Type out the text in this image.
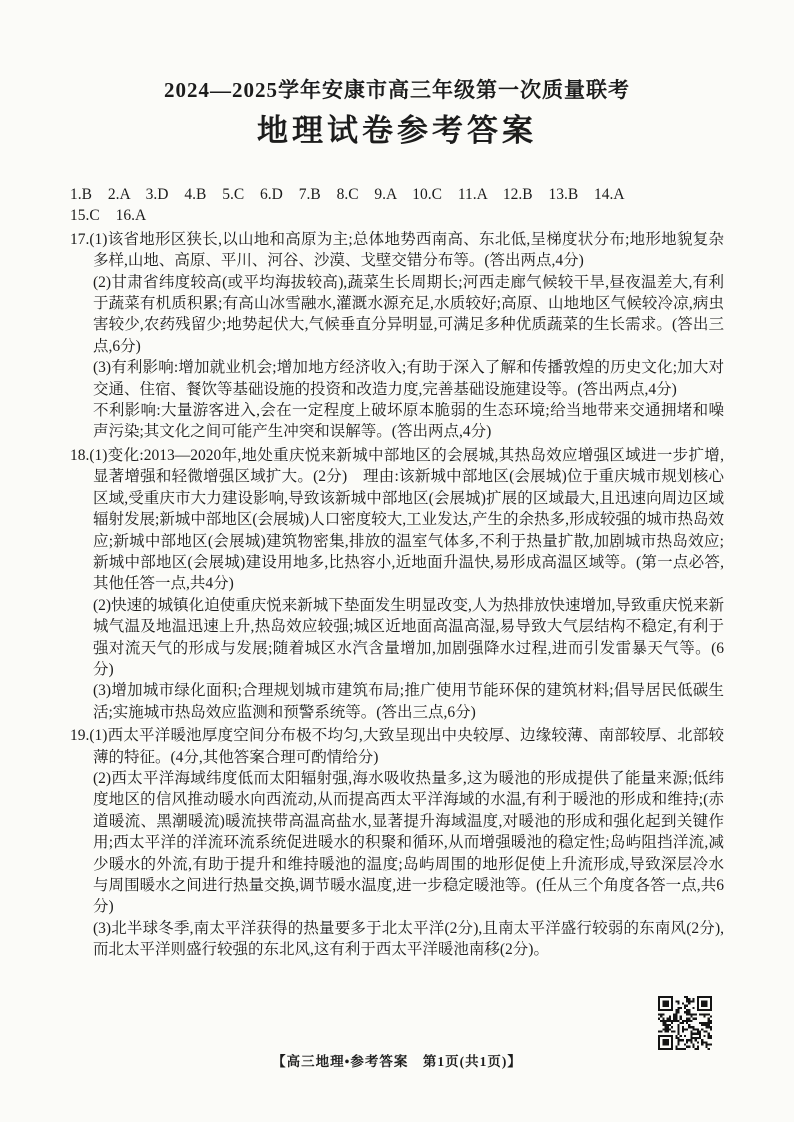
2024—2025学年安康市高三年级第一次质量联考
地理试卷参考答案
1.B 2.A 3.D 4.B 5.C 6.D 7.B 8.C 9.A 10.C 11.A 12.B 13.B 14.A
15.C 16.A

17.(1)该省地形区狭长,以山地和高原为主;总体地势西南高、东北低,呈梯度状分布;地形地貌复杂多样,山地、高原、平川、河谷、沙漠、戈壁交错分布等。(答出两点,4分)

(2)甘肃省纬度较高(或平均海拔较高),蔬菜生长周期长;河西走廊气候较干旱,昼夜温差大,有利于蔬菜有机质积累;有高山冰雪融水,灌溉水源充足,水质较好;高原、山地地区气候较冷凉,病虫害较少,农药残留少;地势起伏大,气候垂直分异明显,可满足多种优质蔬菜的生长需求。(答出三点,6分)

(3)有利影响:增加就业机会;增加地方经济收入;有助于深入了解和传播敦煌的历史文化;加大对交通、住宿、餐饮等基础设施的投资和改造力度,完善基础设施建设等。(答出两点,4分)

不利影响:大量游客进入,会在一定程度上破坏原本脆弱的生态环境;给当地带来交通拥堵和噪声污染;其文化之间可能产生冲突和误解等。(答出两点,4分)

18.(1)变化:2013—2020年,地处重庆悦来新城中部地区的会展城,其热岛效应增强区域进一步扩增,显著增强和轻微增强区域扩大。(2分)　理由:该新城中部地区(会展城)位于重庆城市规划核心区域,受重庆市大力建设影响,导致该新城中部地区(会展城)扩展的区域最大,且迅速向周边区域辐射发展;新城中部地区(会展城)人口密度较大,工业发达,产生的余热多,形成较强的城市热岛效应;新城中部地区(会展城)建筑物密集,排放的温室气体多,不利于热量扩散,加剧城市热岛效应;新城中部地区(会展城)建设用地多,比热容小,近地面升温快,易形成高温区域等。(第一点必答,其他任答一点,共4分)

(2)快速的城镇化迫使重庆悦来新城下垫面发生明显改变,人为热排放快速增加,导致重庆悦来新城气温及地温迅速上升,热岛效应较强;城区近地面高温高湿,易导致大气层结构不稳定,有利于强对流天气的形成与发展;随着城区水汽含量增加,加剧强降水过程,进而引发雷暴天气等。(6分)

(3)增加城市绿化面积;合理规划城市建筑布局;推广使用节能环保的建筑材料;倡导居民低碳生活;实施城市热岛效应监测和预警系统等。(答出三点,6分)

19.(1)西太平洋暖池厚度空间分布极不均匀,大致呈现出中央较厚、边缘较薄、南部较厚、北部较薄的特征。(4分,其他答案合理可酌情给分)

(2)西太平洋海域纬度低而太阳辐射强,海水吸收热量多,这为暖池的形成提供了能量来源;低纬度地区的信风推动暖水向西流动,从而提高西太平洋海域的水温,有利于暖池的形成和维持;(赤道暖流、黑潮暖流)暖流挟带高温高盐水,显著提升海域温度,对暖池的形成和强化起到关键作用;西太平洋的洋流环流系统促进暖水的积聚和循环,从而增强暖池的稳定性;岛屿阻挡洋流,减少暖水的外流,有助于提升和维持暖池的温度;岛屿周围的地形促使上升流形成,导致深层冷水与周围暖水之间进行热量交换,调节暖水温度,进一步稳定暖池等。(任从三个角度各答一点,共6分)

(3)北半球冬季,南太平洋获得的热量要多于北太平洋(2分),且南太平洋盛行较弱的东南风(2分),而北太平洋则盛行较强的东北风,这有利于西太平洋暖池南移(2分)。

【高三地理•参考答案　第1页(共1页)】
